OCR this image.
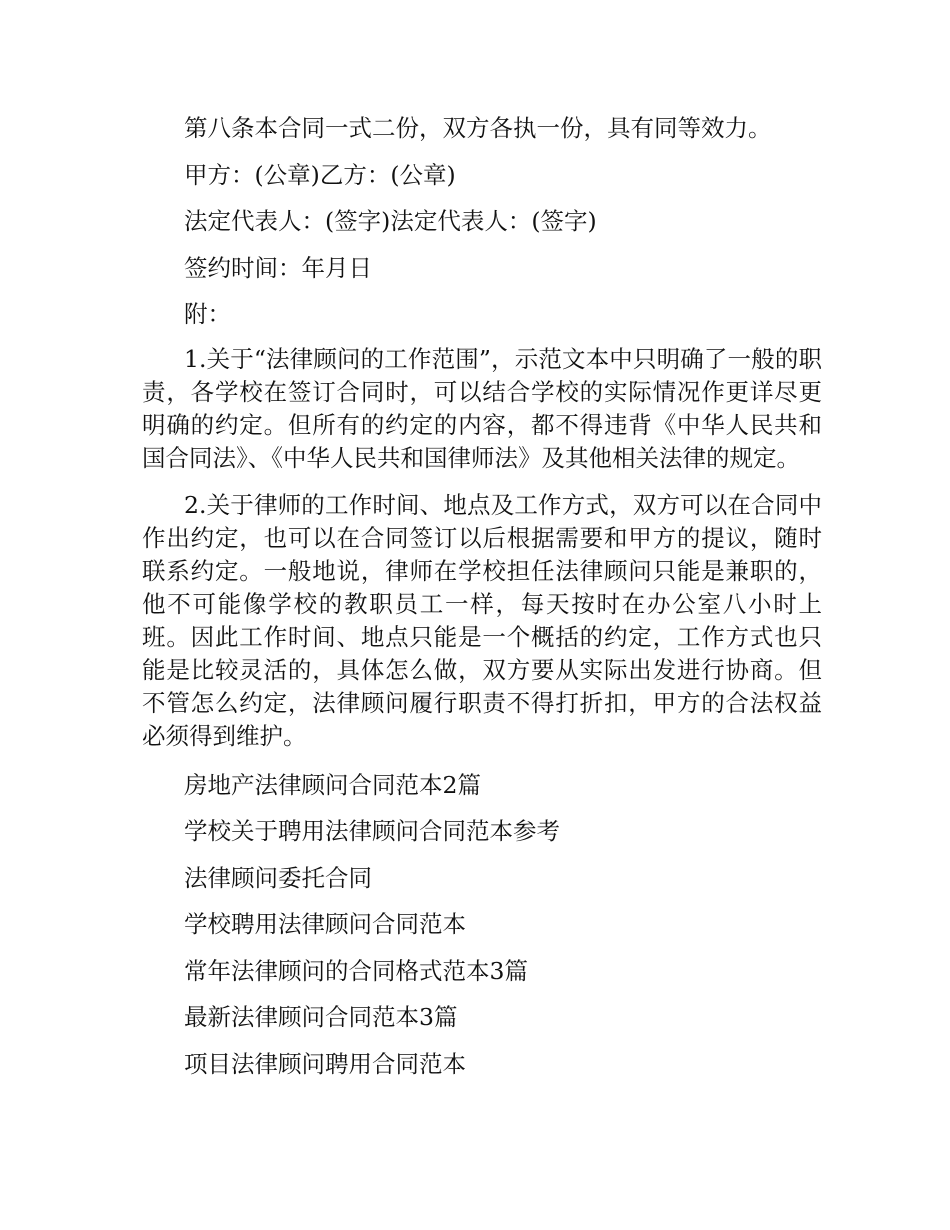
第八条本合同一式二份，双方各执一份，具有同等效力。

甲方：(公章)乙方：(公章)

法定代表人：(签字)法定代表人：(签字)

签约时间：年月日

附：

1.关于“法律顾问的工作范围”，示范文本中只明确了一般的职责，各学校在签订合同时，可以结合学校的实际情况作更详尽更明确的约定。但所有的约定的内容，都不得违背《中华人民共和国合同法》、《中华人民共和国律师法》及其他相关法律的规定。

2.关于律师的工作时间、地点及工作方式，双方可以在合同中作出约定，也可以在合同签订以后根据需要和甲方的提议，随时联系约定。一般地说，律师在学校担任法律顾问只能是兼职的，他不可能像学校的教职员工一样，每天按时在办公室八小时上班。因此工作时间、地点只能是一个概括的约定，工作方式也只能是比较灵活的，具体怎么做，双方要从实际出发进行协商。但不管怎么约定，法律顾问履行职责不得打折扣，甲方的合法权益必须得到维护。

房地产法律顾问合同范本2篇

学校关于聘用法律顾问合同范本参考

法律顾问委托合同

学校聘用法律顾问合同范本

常年法律顾问的合同格式范本3篇

最新法律顾问合同范本3篇

项目法律顾问聘用合同范本
